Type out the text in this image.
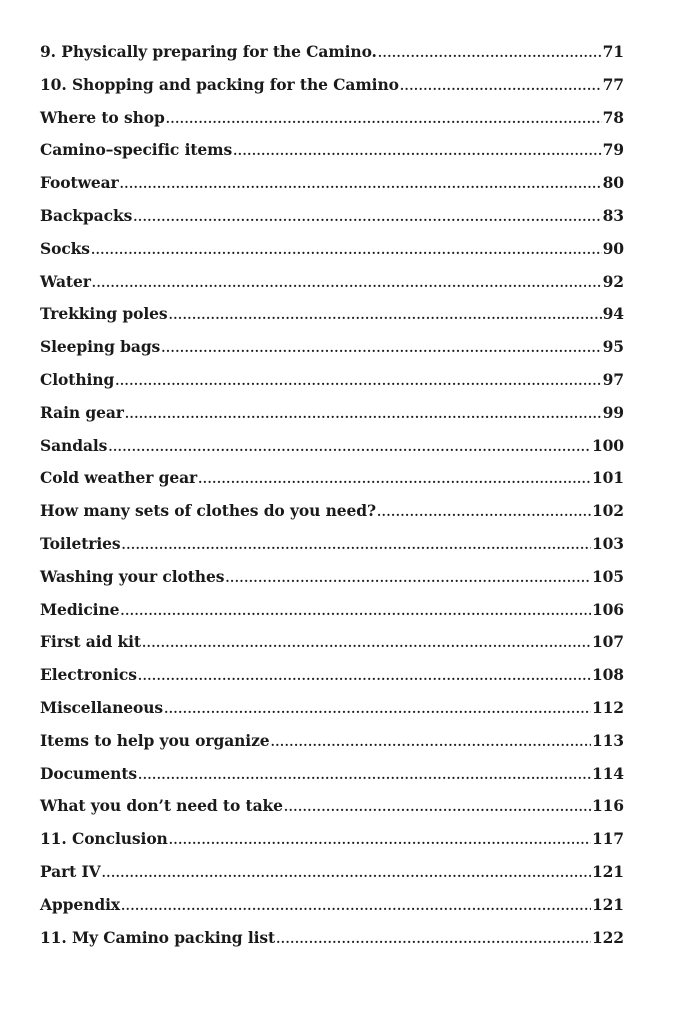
9. Physically preparing for the Camino. .....	71
10. Shopping and packing for the Camino .....	77
Where to shop .....	78
Camino–specific items .....	79
Footwear .....	80
Backpacks .....	83
Socks .....	90
Water .....	92
Trekking poles .....	94
Sleeping bags .....	95
Clothing .....	97
Rain gear .....	99
Sandals .....	100
Cold weather gear .....	101
How many sets of clothes do you need? .....	102
Toiletries .....	103
Washing your clothes .....	105
Medicine .....	106
First aid kit .....	107
Electronics .....	108
Miscellaneous .....	112
Items to help you organize .....	113
Documents .....	114
What you don’t need to take .....	116
11. Conclusion .....	117
Part IV .....	121
Appendix .....	121
11. My Camino packing list .....	122
